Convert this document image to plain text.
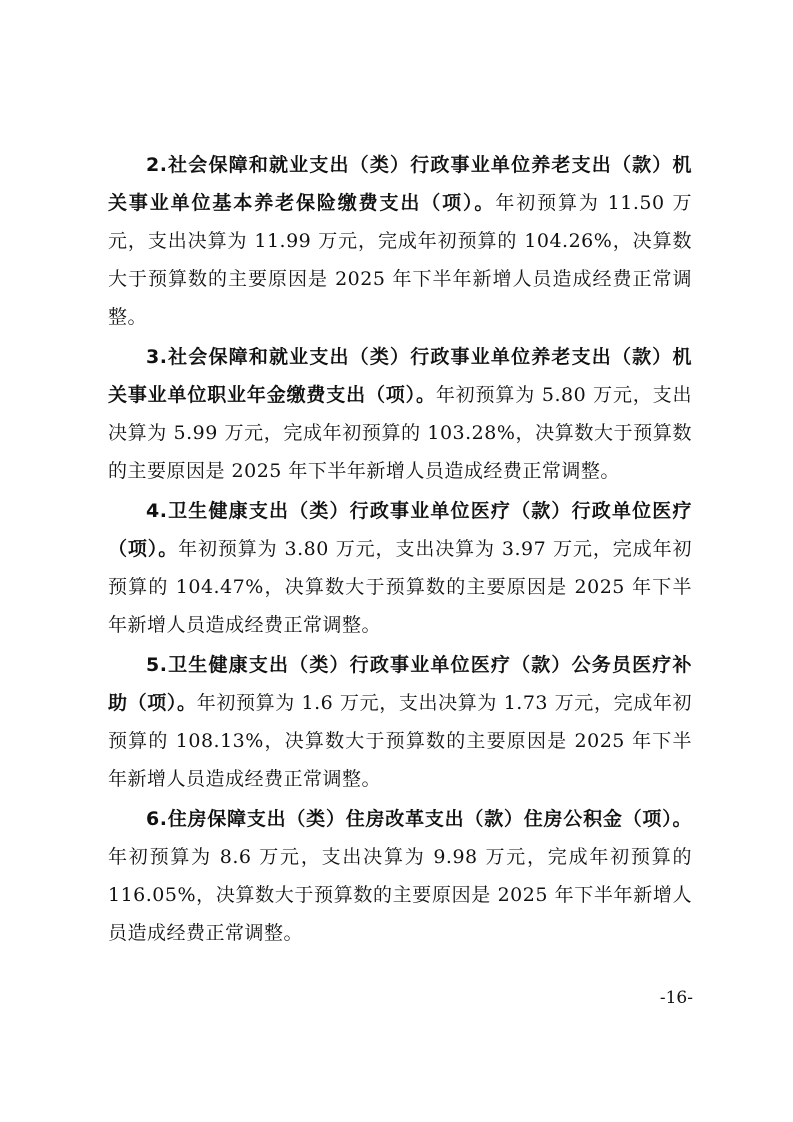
2.社会保障和就业支出（类）行政事业单位养老支出（款）机关事业单位基本养老保险缴费支出（项）。年初预算为 11.50 万元，支出决算为 11.99 万元，完成年初预算的 104.26%，决算数大于预算数的主要原因是 2025 年下半年新增人员造成经费正常调整。

3.社会保障和就业支出（类）行政事业单位养老支出（款）机关事业单位职业年金缴费支出（项）。年初预算为 5.80 万元，支出决算为 5.99 万元，完成年初预算的 103.28%，决算数大于预算数的主要原因是 2025 年下半年新增人员造成经费正常调整。

4.卫生健康支出（类）行政事业单位医疗（款）行政单位医疗（项）。年初预算为 3.80 万元，支出决算为 3.97 万元，完成年初预算的 104.47%，决算数大于预算数的主要原因是 2025 年下半年新增人员造成经费正常调整。

5.卫生健康支出（类）行政事业单位医疗（款）公务员医疗补助（项）。年初预算为 1.6 万元，支出决算为 1.73 万元，完成年初预算的 108.13%，决算数大于预算数的主要原因是 2025 年下半年新增人员造成经费正常调整。

6.住房保障支出（类）住房改革支出（款）住房公积金（项）。年初预算为 8.6 万元，支出决算为 9.98 万元，完成年初预算的 116.05%，决算数大于预算数的主要原因是 2025 年下半年新增人员造成经费正常调整。

-16-
